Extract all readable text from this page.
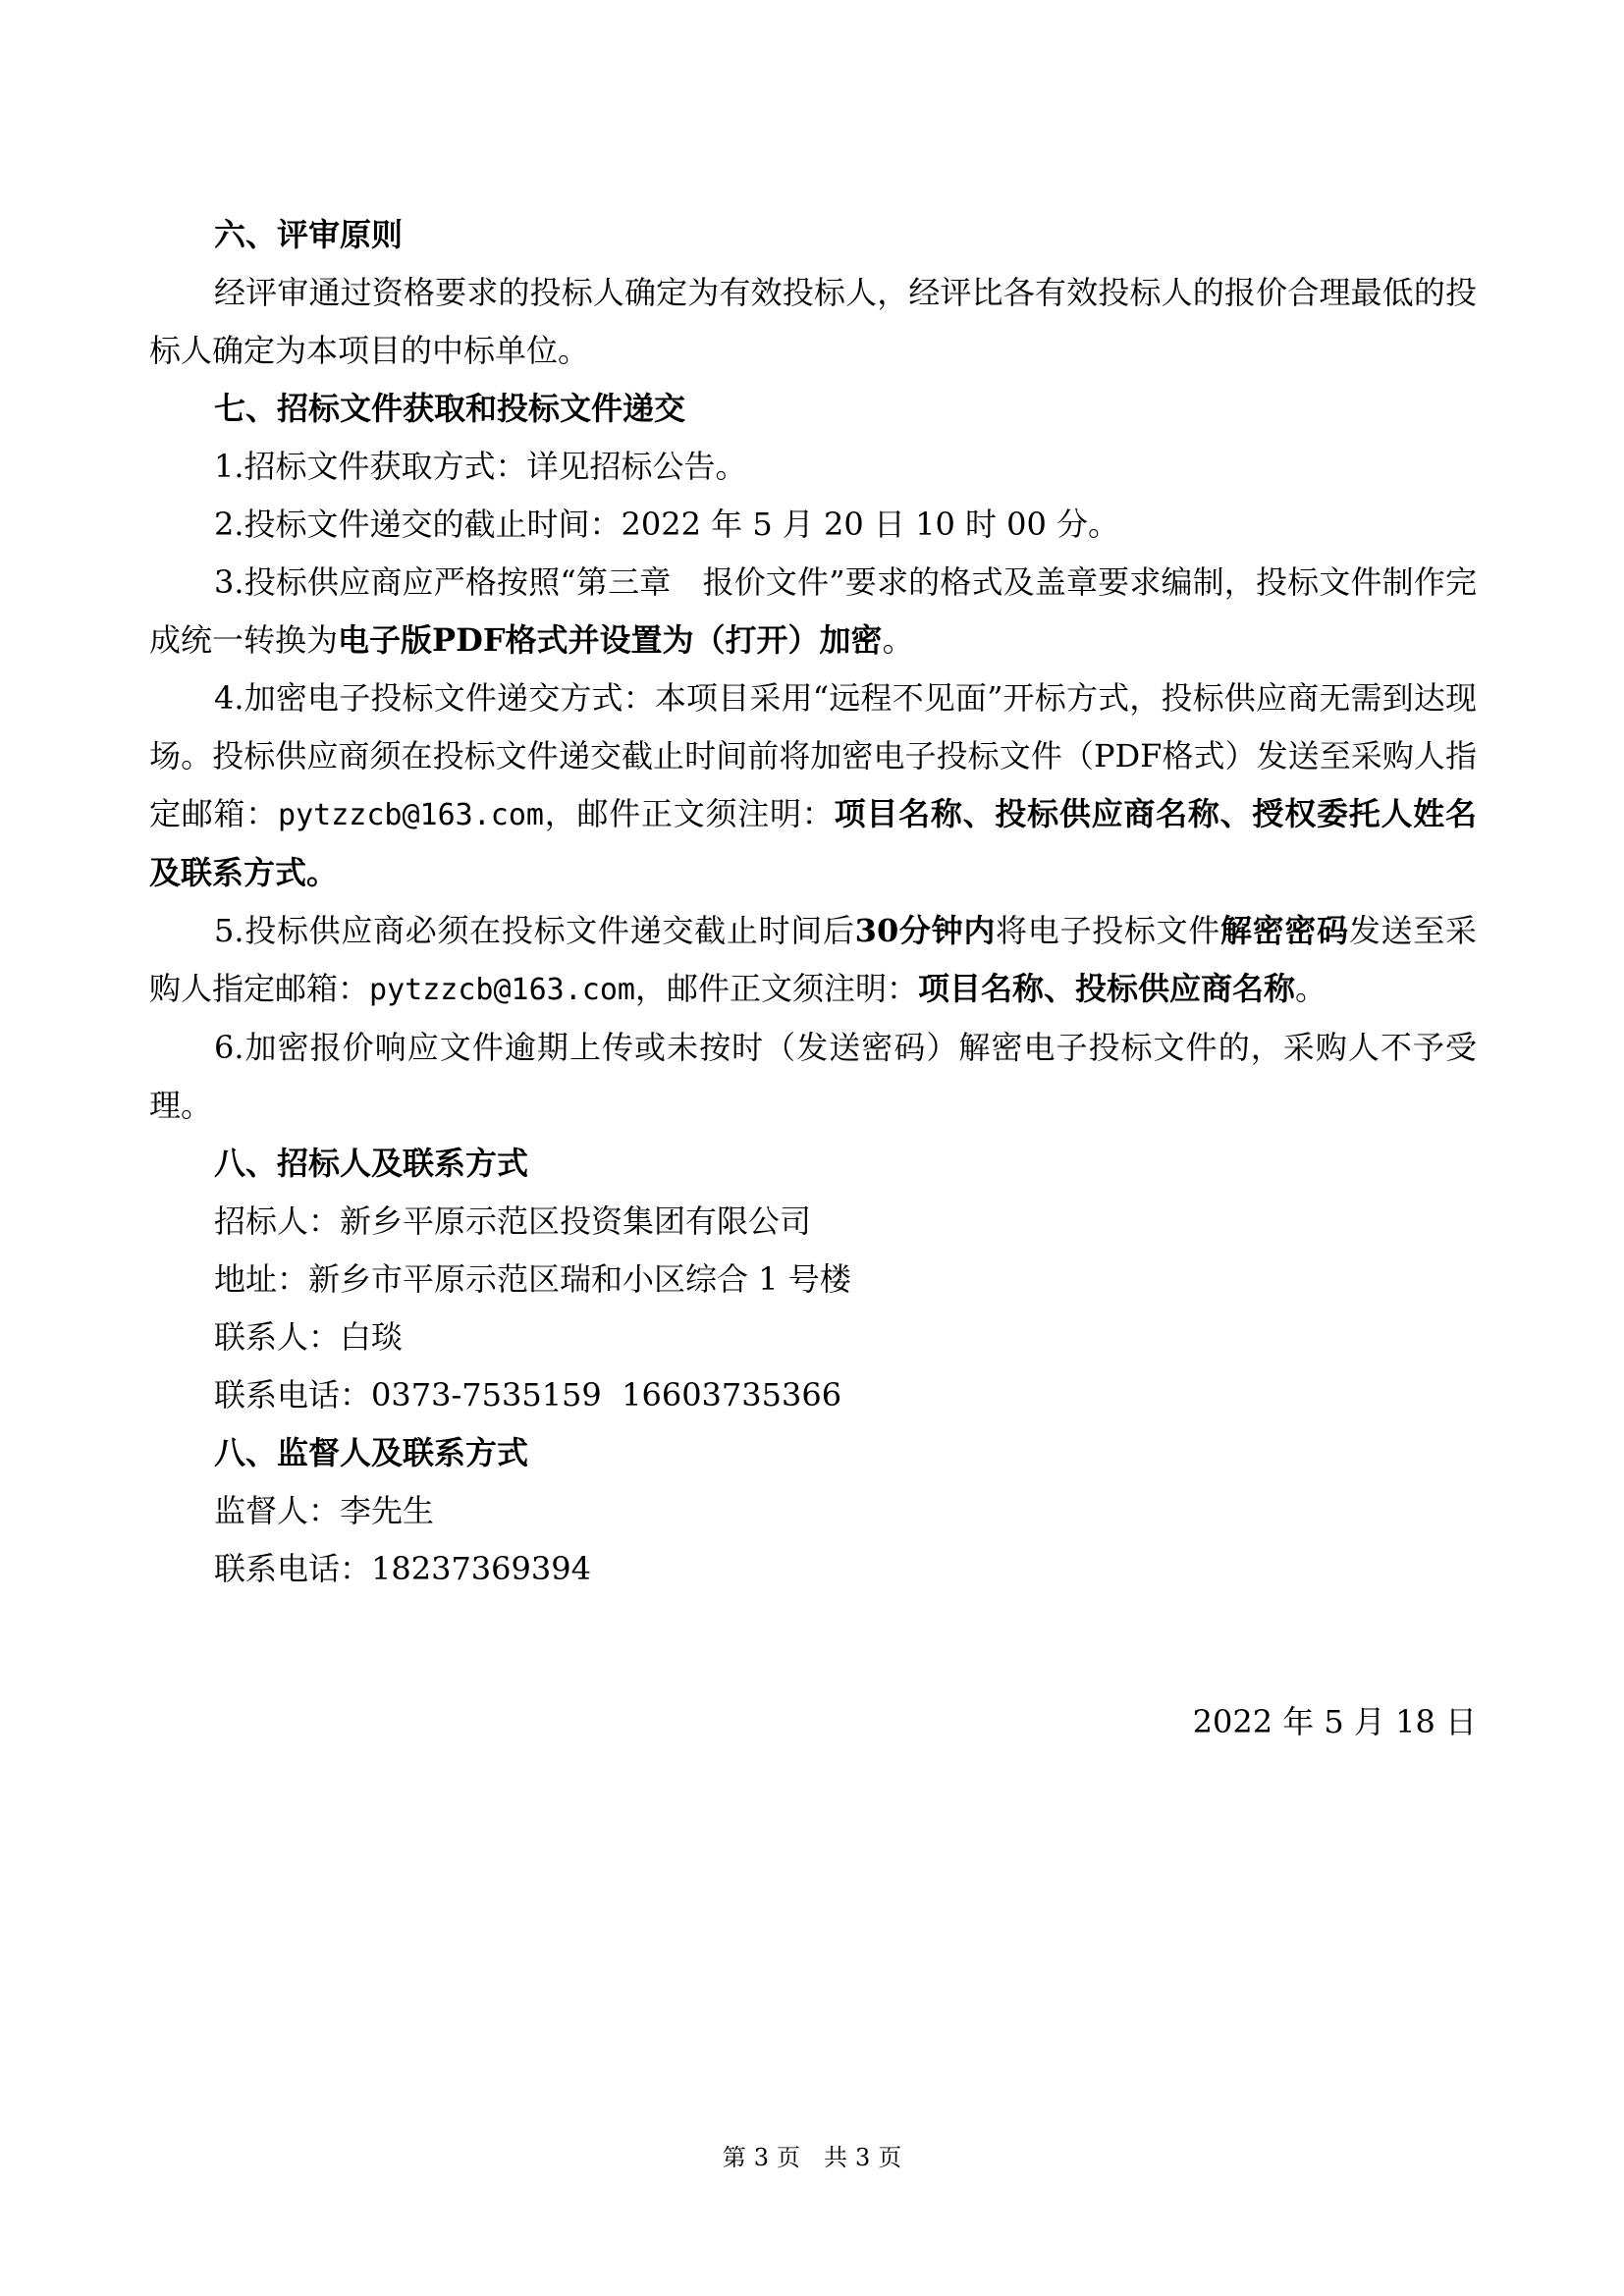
六、评审原则

经评审通过资格要求的投标人确定为有效投标人，经评比各有效投标人的报价合理最低的投标人确定为本项目的中标单位。

七、招标文件获取和投标文件递交

1.招标文件获取方式：详见招标公告。

2.投标文件递交的截止时间：2022 年 5 月 20 日 10 时 00 分。

3.投标供应商应严格按照“第三章　报价文件”要求的格式及盖章要求编制，投标文件制作完成统一转换为电子版PDF格式并设置为（打开）加密。

4.加密电子投标文件递交方式：本项目采用“远程不见面”开标方式，投标供应商无需到达现场。投标供应商须在投标文件递交截止时间前将加密电子投标文件（PDF格式）发送至采购人指定邮箱：pytzzcb@163.com，邮件正文须注明：项目名称、投标供应商名称、授权委托人姓名及联系方式。

5.投标供应商必须在投标文件递交截止时间后30分钟内将电子投标文件解密密码发送至采购人指定邮箱：pytzzcb@163.com，邮件正文须注明：项目名称、投标供应商名称。

6.加密报价响应文件逾期上传或未按时（发送密码）解密电子投标文件的，采购人不予受理。

八、招标人及联系方式

招标人：新乡平原示范区投资集团有限公司

地址：新乡市平原示范区瑞和小区综合 1 号楼

联系人：白琰

联系电话：0373-7535159  16603735366

八、监督人及联系方式

监督人：李先生

联系电话：18237369394

2022 年 5 月 18 日
第 3 页　共 3 页
